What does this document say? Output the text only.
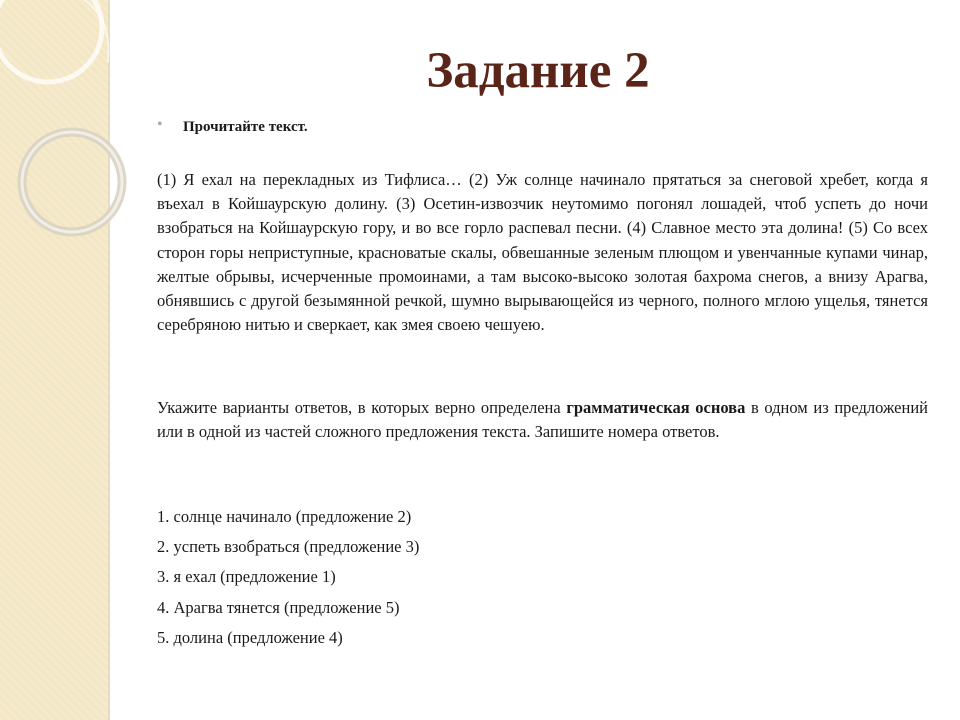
Задание 2
• Прочитайте текст.

(1) Я ехал на перекладных из Тифлиса… (2) Уж солнце начинало прятаться за снеговой хребет, когда я въехал в Койшаурскую долину. (3) Осетин-извозчик неутомимо погонял лошадей, чтоб успеть до ночи взобраться на Койшаурскую гору, и во все горло распевал песни. (4) Славное место эта долина! (5) Со всех сторон горы неприступные, красноватые скалы, обвешанные зеленым плющом и увенчанные купами чинар, желтые обрывы, исчерченные промоинами, а там высоко-высоко золотая бахрома снегов, а внизу Арагва, обнявшись с другой безымянной речкой, шумно вырывающейся из черного, полного мглою ущелья, тянется серебряною нитью и сверкает, как змея своею чешуею.

Укажите варианты ответов, в которых верно определена грамматическая основа в одном из предложений или в одной из частей сложного предложения текста. Запишите номера ответов.

1. солнце начинало (предложение 2)
2. успеть взобраться (предложение 3)
3. я ехал (предложение 1)
4. Арагва тянется (предложение 5)
5. долина (предложение 4)
